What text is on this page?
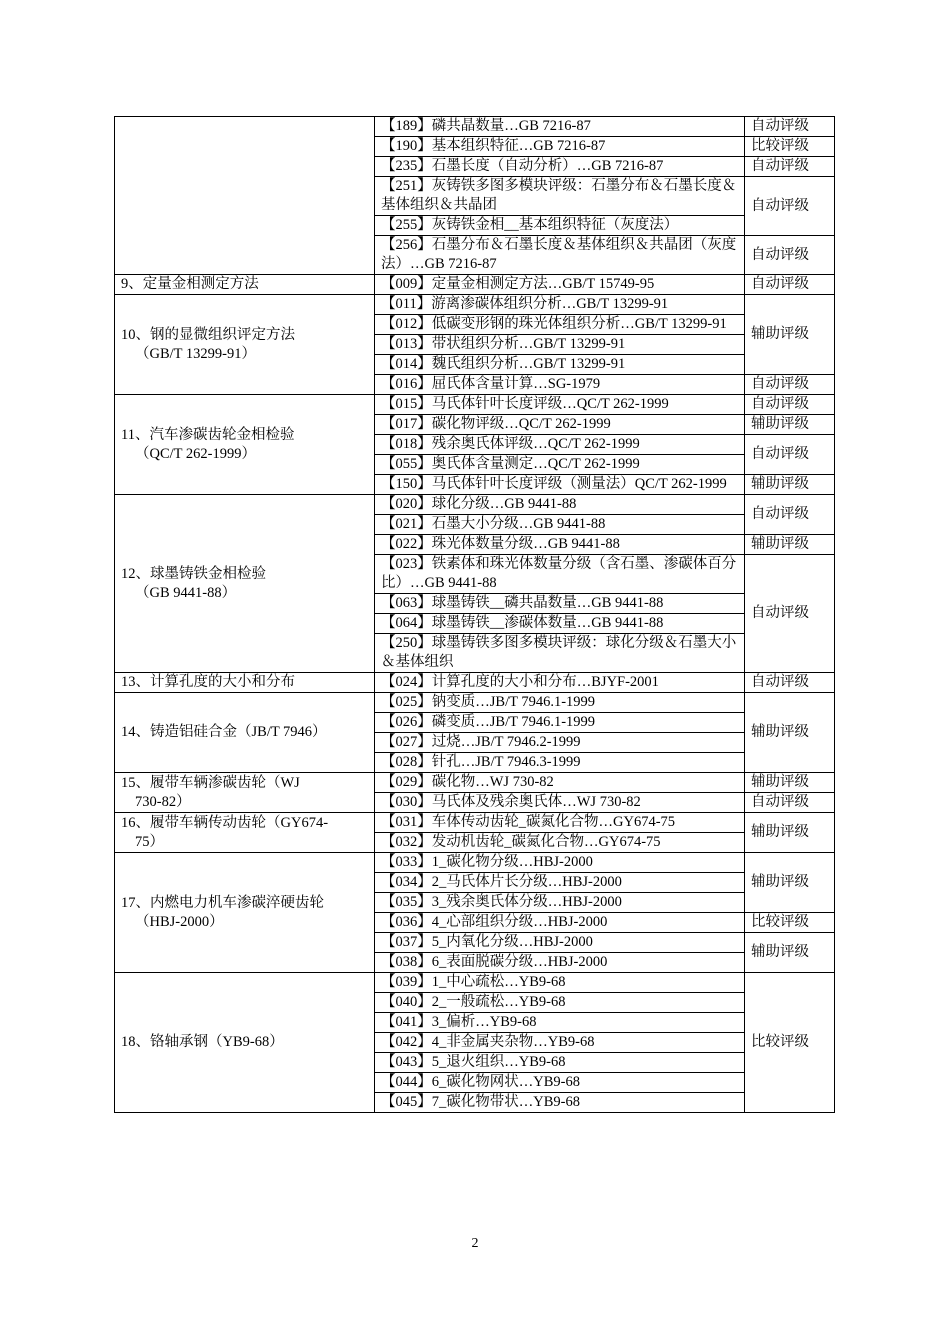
	【189】磷共晶数量…GB 7216-87	自动评级
	【190】基本组织特征…GB 7216-87	比较评级
	【235】石墨长度（自动分析）…GB 7216-87	自动评级
	【251】灰铸铁多图多模块评级：石墨分布＆石墨长度＆基体组织＆共晶团	自动评级
	【255】灰铸铁金相__基本组织特征（灰度法）	
	【256】石墨分布＆石墨长度＆基体组织＆共晶团（灰度法）…GB 7216-87	自动评级

9、定量金相测定方法	【009】定量金相测定方法…GB/T 15749-95	自动评级

10、钢的显微组织评定方法
（GB/T 13299-91）	【011】游离渗碳体组织分析…GB/T 13299-91	辅助评级
	【012】低碳变形钢的珠光体组织分析…GB/T 13299-91	
	【013】带状组织分析…GB/T 13299-91	
	【014】魏氏组织分析…GB/T 13299-91	
	【016】屈氏体含量计算…SG-1979	自动评级

11、汽车渗碳齿轮金相检验
（QC/T 262-1999）	【015】马氏体针叶长度评级…QC/T 262-1999	自动评级
	【017】碳化物评级…QC/T 262-1999	辅助评级
	【018】残余奥氏体评级…QC/T 262-1999	自动评级
	【055】奥氏体含量测定…QC/T 262-1999	
	【150】马氏体针叶长度评级（测量法）QC/T 262-1999	辅助评级

12、球墨铸铁金相检验
（GB 9441-88）	【020】球化分级…GB 9441-88	自动评级
	【021】石墨大小分级…GB 9441-88	
	【022】珠光体数量分级…GB 9441-88	辅助评级
	【023】铁素体和珠光体数量分级（含石墨、渗碳体百分比）…GB 9441-88	自动评级
	【063】球墨铸铁__磷共晶数量…GB 9441-88	
	【064】球墨铸铁__渗碳体数量…GB 9441-88	
	【250】球墨铸铁多图多模块评级：球化分级＆石墨大小＆基体组织	

13、计算孔度的大小和分布	【024】计算孔度的大小和分布…BJYF-2001	自动评级

14、铸造铝硅合金（JB/T 7946）	【025】钠变质…JB/T 7946.1-1999	辅助评级
	【026】磷变质…JB/T 7946.1-1999	
	【027】过烧…JB/T 7946.2-1999	
	【028】针孔…JB/T 7946.3-1999	

15、履带车辆渗碳齿轮（WJ
730-82）	【029】碳化物…WJ 730-82	辅助评级
	【030】马氏体及残余奥氏体…WJ 730-82	自动评级

16、履带车辆传动齿轮（GY674-
75）	【031】车体传动齿轮_碳氮化合物…GY674-75	辅助评级
	【032】发动机齿轮_碳氮化合物…GY674-75	

17、内燃电力机车渗碳淬硬齿轮
（HBJ-2000）	【033】1_碳化物分级…HBJ-2000	辅助评级
	【034】2_马氏体片长分级…HBJ-2000	
	【035】3_残余奥氏体分级…HBJ-2000	
	【036】4_心部组织分级…HBJ-2000	比较评级
	【037】5_内氧化分级…HBJ-2000	辅助评级
	【038】6_表面脱碳分级…HBJ-2000	

18、铬轴承钢（YB9-68）	【039】1_中心疏松…YB9-68	比较评级
	【040】2_一般疏松…YB9-68	
	【041】3_偏析…YB9-68	
	【042】4_非金属夹杂物…YB9-68	
	【043】5_退火组织…YB9-68	
	【044】6_碳化物网状…YB9-68	
	【045】7_碳化物带状…YB9-68	
2
